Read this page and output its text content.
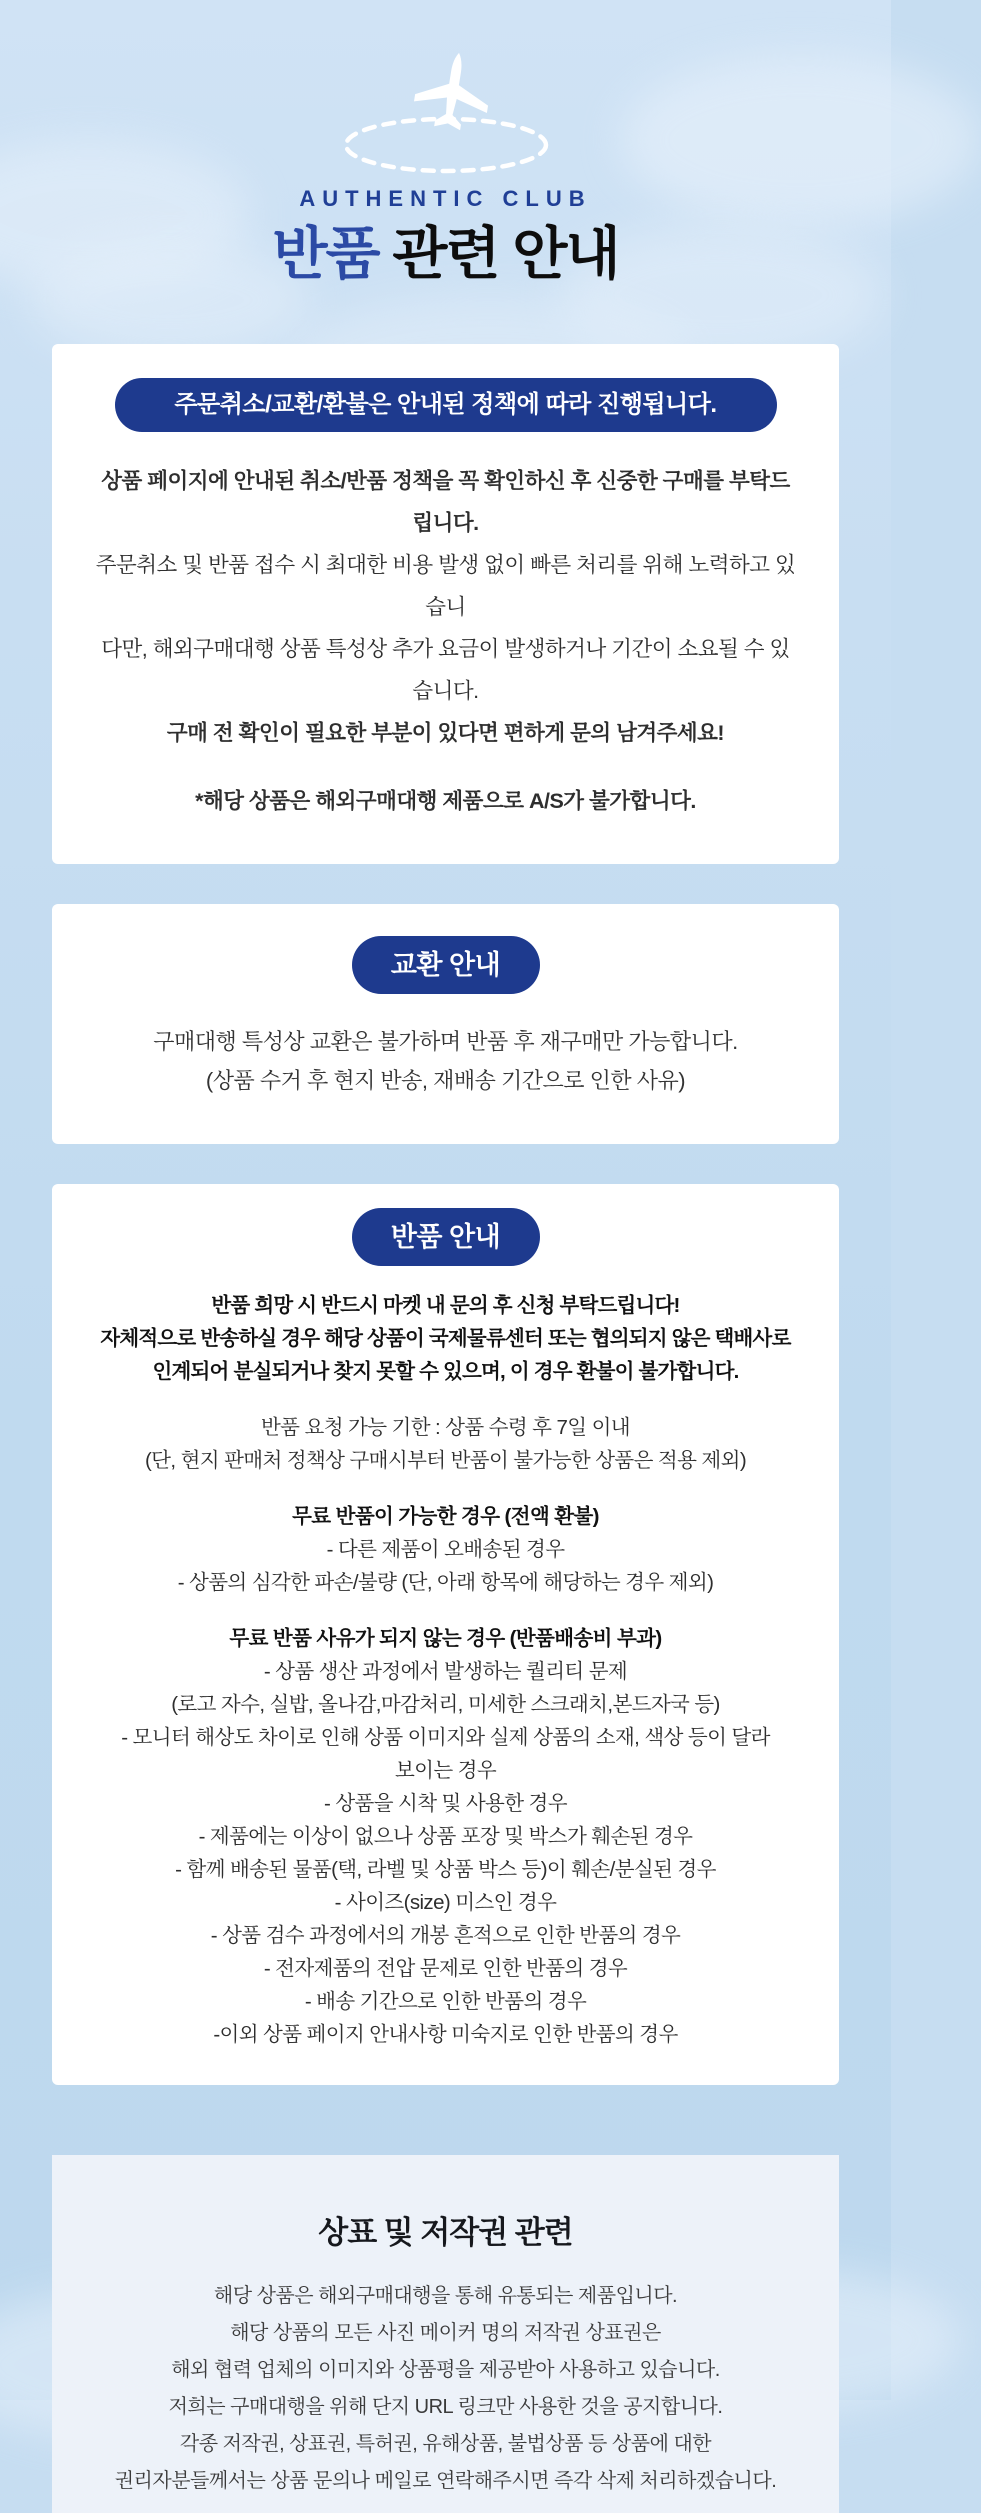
AUTHENTIC CLUB
반품 관련 안내
주문취소/교환/환불은 안내된 정책에 따라 진행됩니다.

상품 페이지에 안내된 취소/반품 정책을 꼭 확인하신 후 신중한 구매를 부탁드립니다.

주문취소 및 반품 접수 시 최대한 비용 발생 없이 빠른 처리를 위해 노력하고 있습니

다만, 해외구매대행 상품 특성상 추가 요금이 발생하거나 기간이 소요될 수 있습니다.

구매 전 확인이 필요한 부분이 있다면 편하게 문의 남겨주세요!

*해당 상품은 해외구매대행 제품으로 A/S가 불가합니다.

교환 안내

구매대행 특성상 교환은 불가하며 반품 후 재구매만 가능합니다.

(상품 수거 후 현지 반송, 재배송 기간으로 인한 사유)

반품 안내

반품 희망 시 반드시 마켓 내 문의 후 신청 부탁드립니다!

자체적으로 반송하실 경우 해당 상품이 국제물류센터 또는 협의되지 않은 택배사로

인계되어 분실되거나 찾지 못할 수 있으며, 이 경우 환불이 불가합니다.

반품 요청 가능 기한 : 상품 수령 후 7일 이내

(단, 현지 판매처 정책상 구매시부터 반품이 불가능한 상품은 적용 제외)

무료 반품이 가능한 경우 (전액 환불)

- 다른 제품이 오배송된 경우

- 상품의 심각한 파손/불량 (단, 아래 항목에 해당하는 경우 제외)

무료 반품 사유가 되지 않는 경우 (반품배송비 부과)

- 상품 생산 과정에서 발생하는 퀄리티 문제

(로고 자수, 실밥, 올나감,마감처리, 미세한 스크래치,본드자국 등)

- 모니터 해상도 차이로 인해 상품 이미지와 실제 상품의 소재, 색상 등이 달라

보이는 경우

- 상품을 시착 및 사용한 경우

- 제품에는 이상이 없으나 상품 포장 및 박스가 훼손된 경우

- 함께 배송된 물품(택, 라벨 및 상품 박스 등)이 훼손/분실된 경우

- 사이즈(size) 미스인 경우

- 상품 검수 과정에서의 개봉 흔적으로 인한 반품의 경우

- 전자제품의 전압 문제로 인한 반품의 경우

- 배송 기간으로 인한 반품의 경우

-이외 상품 페이지 안내사항 미숙지로 인한 반품의 경우

상표 및 저작권 관련

해당 상품은 해외구매대행을 통해 유통되는 제품입니다.

해당 상품의 모든 사진 메이커 명의 저작권 상표권은

해외 협력 업체의 이미지와 상품평을 제공받아 사용하고 있습니다.

저희는 구매대행을 위해 단지 URL 링크만 사용한 것을 공지합니다.

각종 저작권, 상표권, 특허권, 유해상품, 불법상품 등 상품에 대한

권리자분들께서는 상품 문의나 메일로 연락해주시면 즉각 삭제 처리하겠습니다.
